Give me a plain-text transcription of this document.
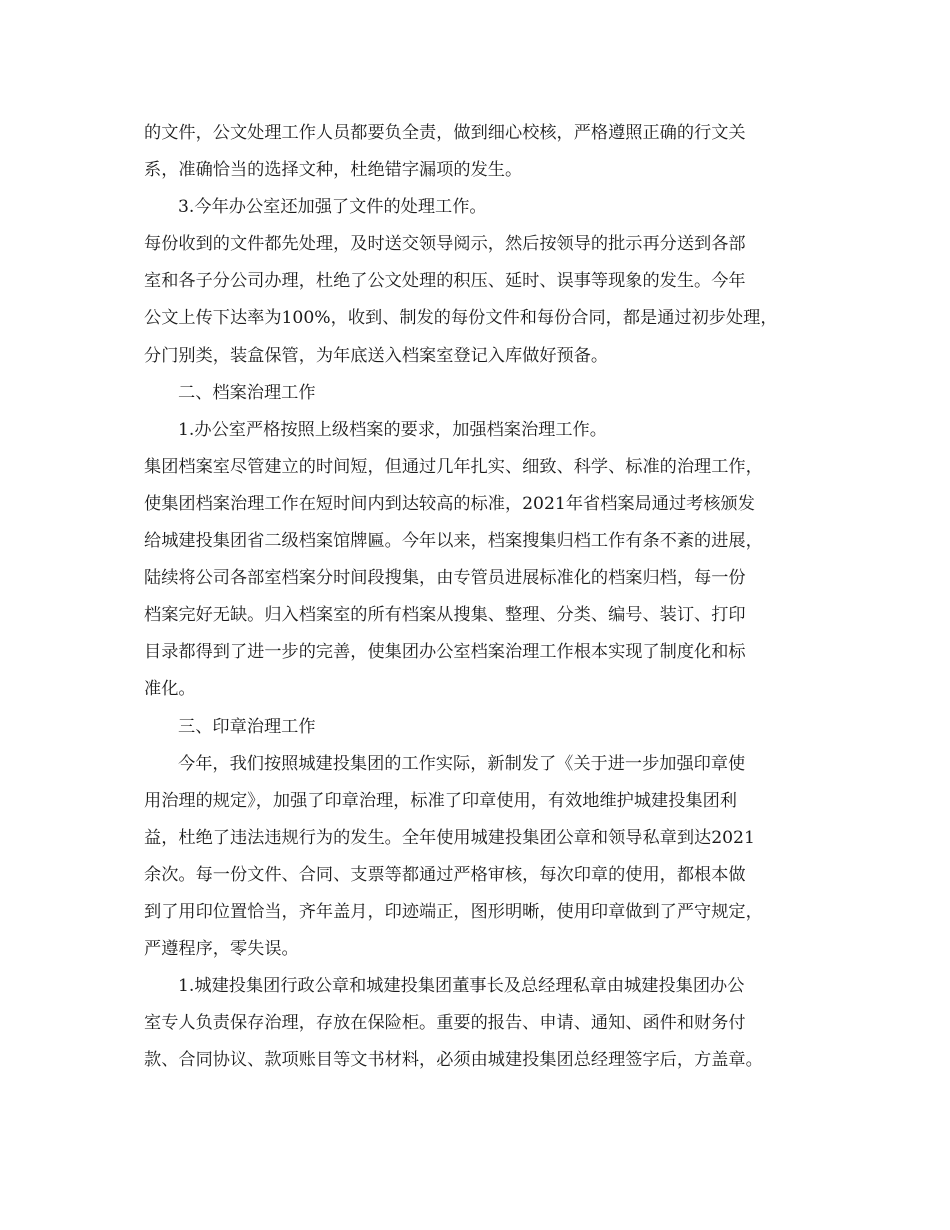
的文件，公文处理工作人员都要负全责，做到细心校核，严格遵照正确的行文关
系，准确恰当的选择文种，杜绝错字漏项的发生。
3.今年办公室还加强了文件的处理工作。
每份收到的文件都先处理，及时送交领导阅示，然后按领导的批示再分送到各部
室和各子分公司办理，杜绝了公文处理的积压、延时、误事等现象的发生。今年
公文上传下达率为100%，收到、制发的每份文件和每份合同，都是通过初步处理，
分门别类，装盒保管，为年底送入档案室登记入库做好预备。
二、档案治理工作
1.办公室严格按照上级档案的要求，加强档案治理工作。
集团档案室尽管建立的时间短，但通过几年扎实、细致、科学、标准的治理工作，
使集团档案治理工作在短时间内到达较高的标准，2021年省档案局通过考核颁发
给城建投集团省二级档案馆牌匾。今年以来，档案搜集归档工作有条不紊的进展，
陆续将公司各部室档案分时间段搜集，由专管员进展标准化的档案归档，每一份
档案完好无缺。归入档案室的所有档案从搜集、整理、分类、编号、装订、打印
目录都得到了进一步的完善，使集团办公室档案治理工作根本实现了制度化和标
准化。
三、印章治理工作
今年，我们按照城建投集团的工作实际，新制发了《关于进一步加强印章使
用治理的规定》，加强了印章治理，标准了印章使用，有效地维护城建投集团利
益，杜绝了违法违规行为的发生。全年使用城建投集团公章和领导私章到达2021
余次。每一份文件、合同、支票等都通过严格审核，每次印章的使用，都根本做
到了用印位置恰当，齐年盖月，印迹端正，图形明晰，使用印章做到了严守规定，
严遵程序，零失误。
1.城建投集团行政公章和城建投集团董事长及总经理私章由城建投集团办公
室专人负责保存治理，存放在保险柜。重要的报告、申请、通知、函件和财务付
款、合同协议、款项账目等文书材料，必须由城建投集团总经理签字后，方盖章。
